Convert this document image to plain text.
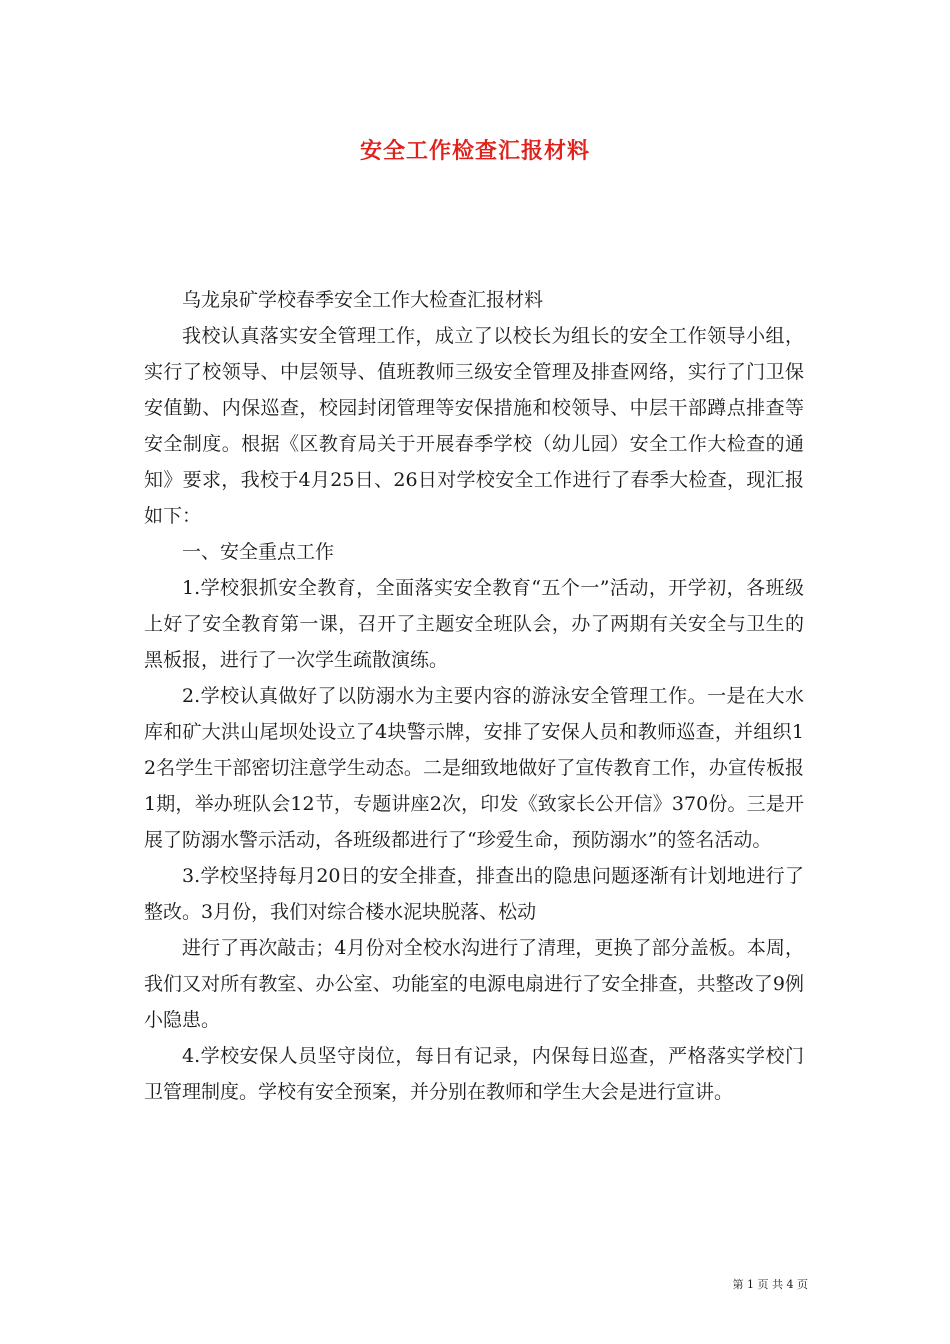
安全工作检查汇报材料

乌龙泉矿学校春季安全工作大检查汇报材料

我校认真落实安全管理工作，成立了以校长为组长的安全工作领导小组，实行了校领导、中层领导、值班教师三级安全管理及排查网络，实行了门卫保安值勤、内保巡查，校园封闭管理等安保措施和校领导、中层干部蹲点排查等安全制度。根据《区教育局关于开展春季学校（幼儿园）安全工作大检查的通知》要求，我校于4月25日、26日对学校安全工作进行了春季大检查，现汇报如下：

一、安全重点工作

1.学校狠抓安全教育，全面落实安全教育“五个一”活动，开学初，各班级上好了安全教育第一课，召开了主题安全班队会，办了两期有关安全与卫生的黑板报，进行了一次学生疏散演练。

2.学校认真做好了以防溺水为主要内容的游泳安全管理工作。一是在大水库和矿大洪山尾坝处设立了4块警示牌，安排了安保人员和教师巡查，并组织12名学生干部密切注意学生动态。二是细致地做好了宣传教育工作，办宣传板报1期，举办班队会12节，专题讲座2次，印发《致家长公开信》370份。三是开展了防溺水警示活动，各班级都进行了“珍爱生命，预防溺水”的签名活动。

3.学校坚持每月20日的安全排查，排查出的隐患问题逐渐有计划地进行了整改。3月份，我们对综合楼水泥块脱落、松动

进行了再次敲击；4月份对全校水沟进行了清理，更换了部分盖板。本周，我们又对所有教室、办公室、功能室的电源电扇进行了安全排查，共整改了9例小隐患。

4.学校安保人员坚守岗位，每日有记录，内保每日巡查，严格落实学校门卫管理制度。学校有安全预案，并分别在教师和学生大会是进行宣讲。

第 1 页 共 4 页
